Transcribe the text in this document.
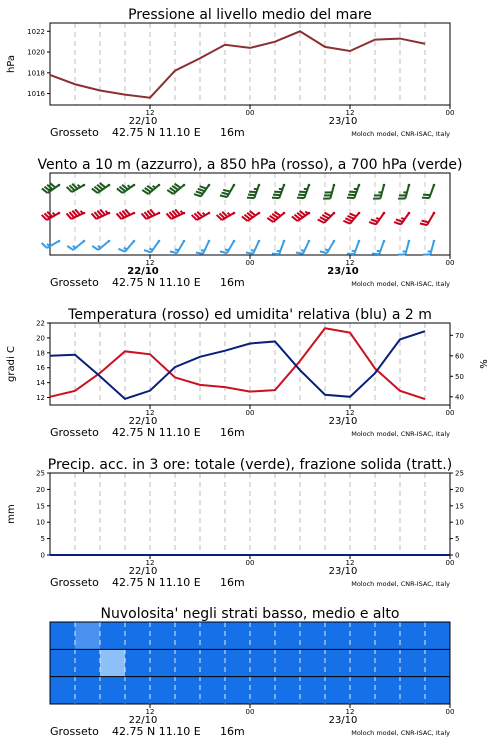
Pressione al livello medio del mare
1016
1018
1020
1022
hPa
12	00	12	00
22/10	23/10
Grosseto 42.75 N 11.10 E 16m	Moloch model, CNR-ISAC, Italy
Vento a 10 m (azzurro), a 850 hPa (rosso), a 700 hPa (verde)
12	00	12	00
22/10	23/10
Grosseto 42.75 N 11.10 E 16m	Moloch model, CNR-ISAC, Italy
Temperatura (rosso) ed umidita' relativa (blu) a 2 m
12
14
16
18
20
22
40
50
60
70
gradi C	%
12	00	12	00
22/10	23/10
Grosseto 42.75 N 11.10 E 16m	Moloch model, CNR-ISAC, Italy
Precip. acc. in 3 ore: totale (verde), frazione solida (tratt.)
0	0
5	5
10	10
15	15
20	20
25	25
mm
12	00	12	00
22/10	23/10
Grosseto 42.75 N 11.10 E 16m	Moloch model, CNR-ISAC, Italy
Nuvolosita' negli strati basso, medio e alto
12	00	12	00
22/10	23/10
Grosseto 42.75 N 11.10 E 16m	Moloch model, CNR-ISAC, Italy
